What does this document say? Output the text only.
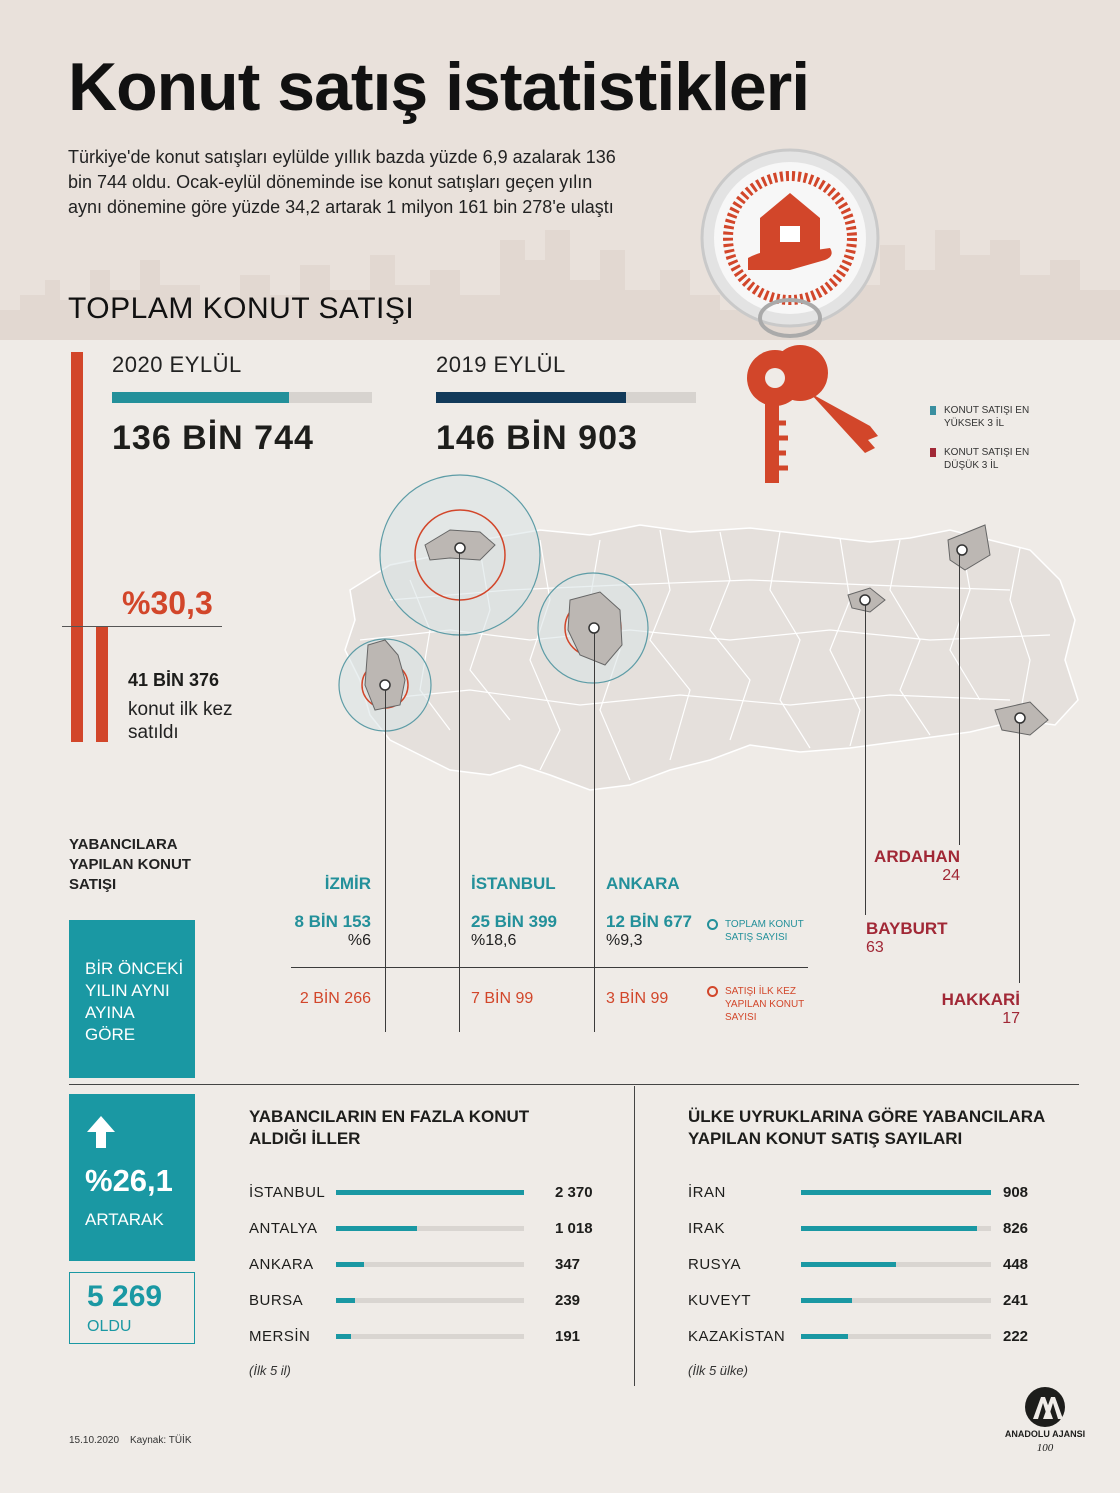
Konut satış istatistikleri

Türkiye'de konut satışları eylülde yıllık bazda yüzde 6,9 azalarak 136 bin 744 oldu. Ocak-eylül döneminde ise konut satışları geçen yılın aynı dönemine göre yüzde 34,2 artarak 1 milyon 161 bin 278'e ulaştı

KONUT SATIŞI EN YÜKSEK 3 İL
KONUT SATIŞI EN DÜŞÜK 3 İL
TOPLAM KONUT SATIŞI
%30,3
41 BİN 376
konut ilk kez satıldı
2020 EYLÜL
136 BİN 744
2019 EYLÜL
146 BİN 903
İZMİR
8 BİN 153
%6
2 BİN 266
İSTANBUL
25 BİN 399
%18,6
7 BİN 99
ANKARA
12 BİN 677
%9,3
3 BİN 99
TOPLAM KONUT SATIŞ SAYISI
SATIŞI İLK KEZ YAPILAN KONUT SAYISI
ARDAHAN
24
BAYBURT
63
HAKKARİ
17
YABANCILARA YAPILAN KONUT SATIŞI
BİR ÖNCEKİ YILIN AYNI AYINA GÖRE
%26,1
ARTARAK
5 269
OLDU
YABANCILARIN EN FAZLA KONUT ALDIĞI İLLER
İSTANBUL	2 370
ANTALYA	1 018
ANKARA	347
BURSA	239
MERSİN	191
(İlk 5 il)
ÜLKE UYRUKLARINA GÖRE YABANCILARA YAPILAN KONUT SATIŞ SAYILARI
İRAN	908
IRAK	826
RUSYA	448
KUVEYT	241
KAZAKİSTAN	222
(İlk 5 ülke)
15.10.2020 Kaynak: TÜİK
ANADOLU AJANSI
100
